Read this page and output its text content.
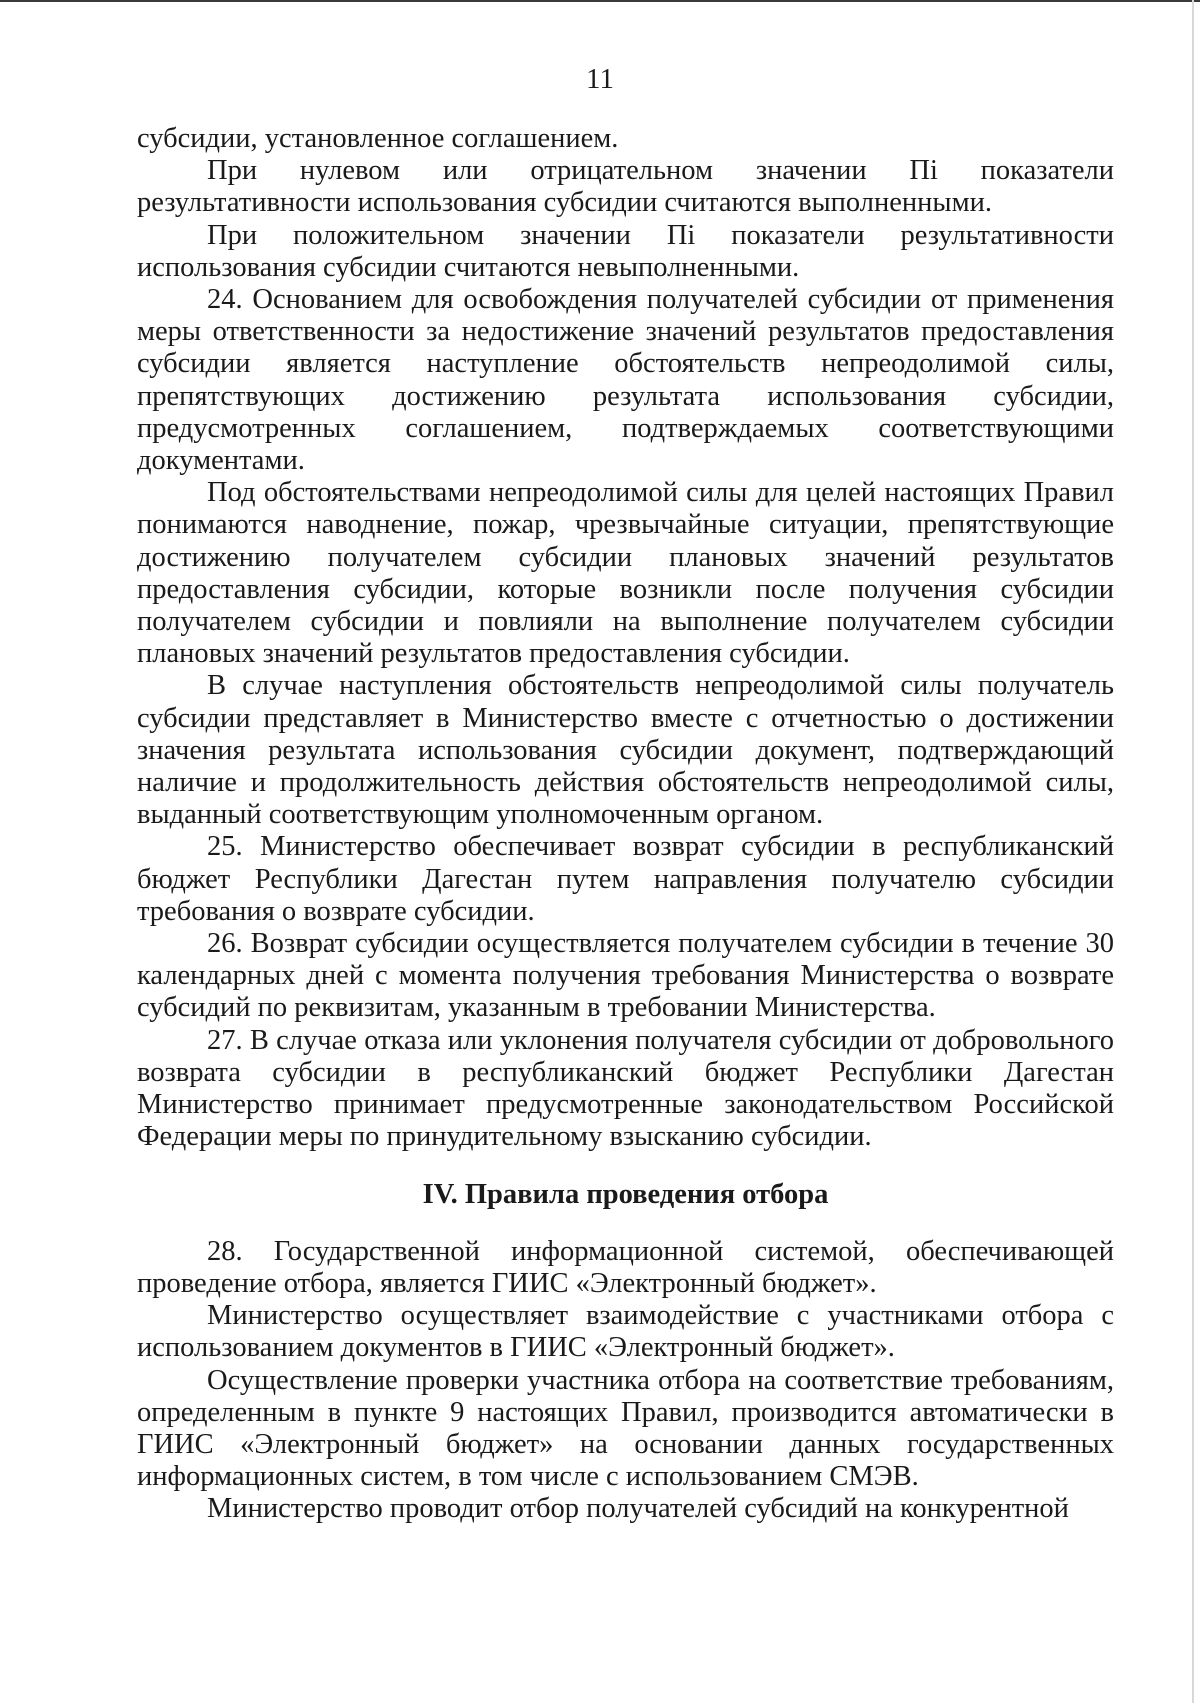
11

субсидии, установленное соглашением.

При нулевом или отрицательном значении Пi показатели результативности использования субсидии считаются выполненными.

При положительном значении Пi показатели результативности использования субсидии считаются невыполненными.

24. Основанием для освобождения получателей субсидии от применения меры ответственности за недостижение значений результатов предоставления субсидии является наступление обстоятельств непреодолимой силы, препятствующих достижению результата использования субсидии, предусмотренных соглашением, подтверждаемых соответствующими документами.

Под обстоятельствами непреодолимой силы для целей настоящих Правил понимаются наводнение, пожар, чрезвычайные ситуации, препятствующие достижению получателем субсидии плановых значений результатов предоставления субсидии, которые возникли после получения субсидии получателем субсидии и повлияли на выполнение получателем субсидии плановых значений результатов предоставления субсидии.

В случае наступления обстоятельств непреодолимой силы получатель субсидии представляет в Министерство вместе с отчетностью о достижении значения результата использования субсидии документ, подтверждающий наличие и продолжительность действия обстоятельств непреодолимой силы, выданный соответствующим уполномоченным органом.

25. Министерство обеспечивает возврат субсидии в республиканский бюджет Республики Дагестан путем направления получателю субсидии требования о возврате субсидии.

26. Возврат субсидии осуществляется получателем субсидии в течение 30 календарных дней с момента получения требования Министерства о возврате субсидий по реквизитам, указанным в требовании Министерства.

27. В случае отказа или уклонения получателя субсидии от добровольного возврата субсидии в республиканский бюджет Республики Дагестан Министерство принимает предусмотренные законодательством Российской Федерации меры по принудительному взысканию субсидии.

IV. Правила проведения отбора

28. Государственной информационной системой, обеспечивающей проведение отбора, является ГИИС «Электронный бюджет».

Министерство осуществляет взаимодействие с участниками отбора с использованием документов в ГИИС «Электронный бюджет».

Осуществление проверки участника отбора на соответствие требованиям, определенным в пункте 9 настоящих Правил, производится автоматически в ГИИС «Электронный бюджет» на основании данных государственных информационных систем, в том числе с использованием СМЭВ.

Министерство проводит отбор получателей субсидий на конкурентной
